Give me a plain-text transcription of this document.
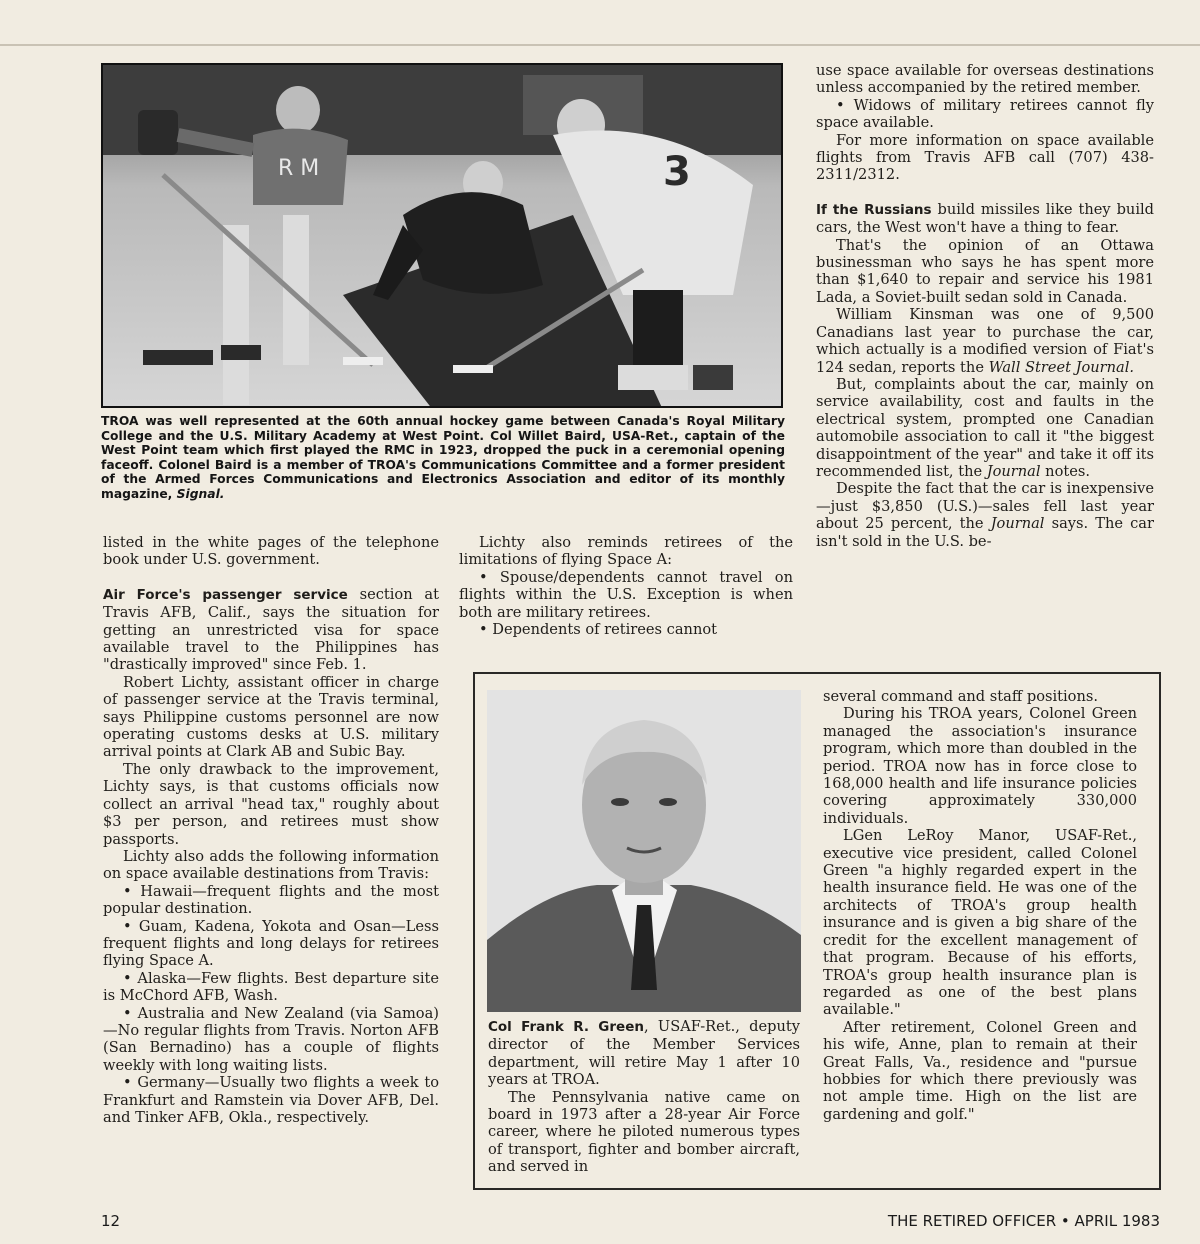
R M	3
TROA was well represented at the 60th annual hockey game between Canada's Royal Military College and the U.S. Military Academy at West Point. Col Willet Baird, USA-Ret., captain of the West Point team which first played the RMC in 1923, dropped the puck in a ceremonial opening faceoff. Colonel Baird is a member of TROA's Communications Committee and a former president of the Armed Forces Communications and Electronics Association and editor of its monthly magazine, Signal.

listed in the white pages of the telephone book under U.S. government.

Air Force's passenger service section at Travis AFB, Calif., says the situation for getting an unrestricted visa for space available travel to the Philippines has "drastically improved" since Feb. 1.

Robert Lichty, assistant officer in charge of passenger service at the Travis terminal, says Philippine customs personnel are now operating customs desks at U.S. military arrival points at Clark AB and Subic Bay.

The only drawback to the improvement, Lichty says, is that customs officials now collect an arrival "head tax," roughly about $3 per person, and retirees must show passports.

Lichty also adds the following information on space available destinations from Travis:

• Hawaii—frequent flights and the most popular destination.

• Guam, Kadena, Yokota and Osan—Less frequent flights and long delays for retirees flying Space A.

• Alaska—Few flights. Best departure site is McChord AFB, Wash.

• Australia and New Zealand (via Samoa)—No regular flights from Travis. Norton AFB (San Bernadino) has a couple of flights weekly with long waiting lists.

• Germany—Usually two flights a week to Frankfurt and Ramstein via Dover AFB, Del. and Tinker AFB, Okla., respectively.

Lichty also reminds retirees of the limitations of flying Space A:

• Spouse/dependents cannot travel on flights within the U.S. Exception is when both are military retirees.

• Dependents of retirees cannot

use space available for overseas destinations unless accompanied by the retired member.

• Widows of military retirees cannot fly space available.

For more information on space available flights from Travis AFB call (707) 438-2311/2312.

If the Russians build missiles like they build cars, the West won't have a thing to fear.

That's the opinion of an Ottawa businessman who says he has spent more than $1,640 to repair and service his 1981 Lada, a Soviet-built sedan sold in Canada.

William Kinsman was one of 9,500 Canadians last year to purchase the car, which actually is a modified version of Fiat's 124 sedan, reports the Wall Street Journal.

But, complaints about the car, mainly on service availability, cost and faults in the electrical system, prompted one Canadian automobile association to call it "the biggest disappointment of the year" and take it off its recommended list, the Journal notes.

Despite the fact that the car is inexpensive—just $3,850 (U.S.)—sales fell last year about 25 percent, the Journal says. The car isn't sold in the U.S. be-

Col Frank R. Green, USAF-Ret., deputy director of the Member Services department, will retire May 1 after 10 years at TROA.

The Pennsylvania native came on board in 1973 after a 28-year Air Force career, where he piloted numerous types of transport, fighter and bomber aircraft, and served in

several command and staff positions.

During his TROA years, Colonel Green managed the association's insurance program, which more than doubled in the period. TROA now has in force close to 168,000 health and life insurance policies covering approximately 330,000 individuals.

LGen LeRoy Manor, USAF-Ret., executive vice president, called Colonel Green "a highly regarded expert in the health insurance field. He was one of the architects of TROA's group health insurance and is given a big share of the credit for the excellent management of that program. Because of his efforts, TROA's group health insurance plan is regarded as one of the best plans available."

After retirement, Colonel Green and his wife, Anne, plan to remain at their Great Falls, Va., residence and "pursue hobbies for which there previously was not ample time. High on the list are gardening and golf."

12	THE RETIRED OFFICER • APRIL 1983
